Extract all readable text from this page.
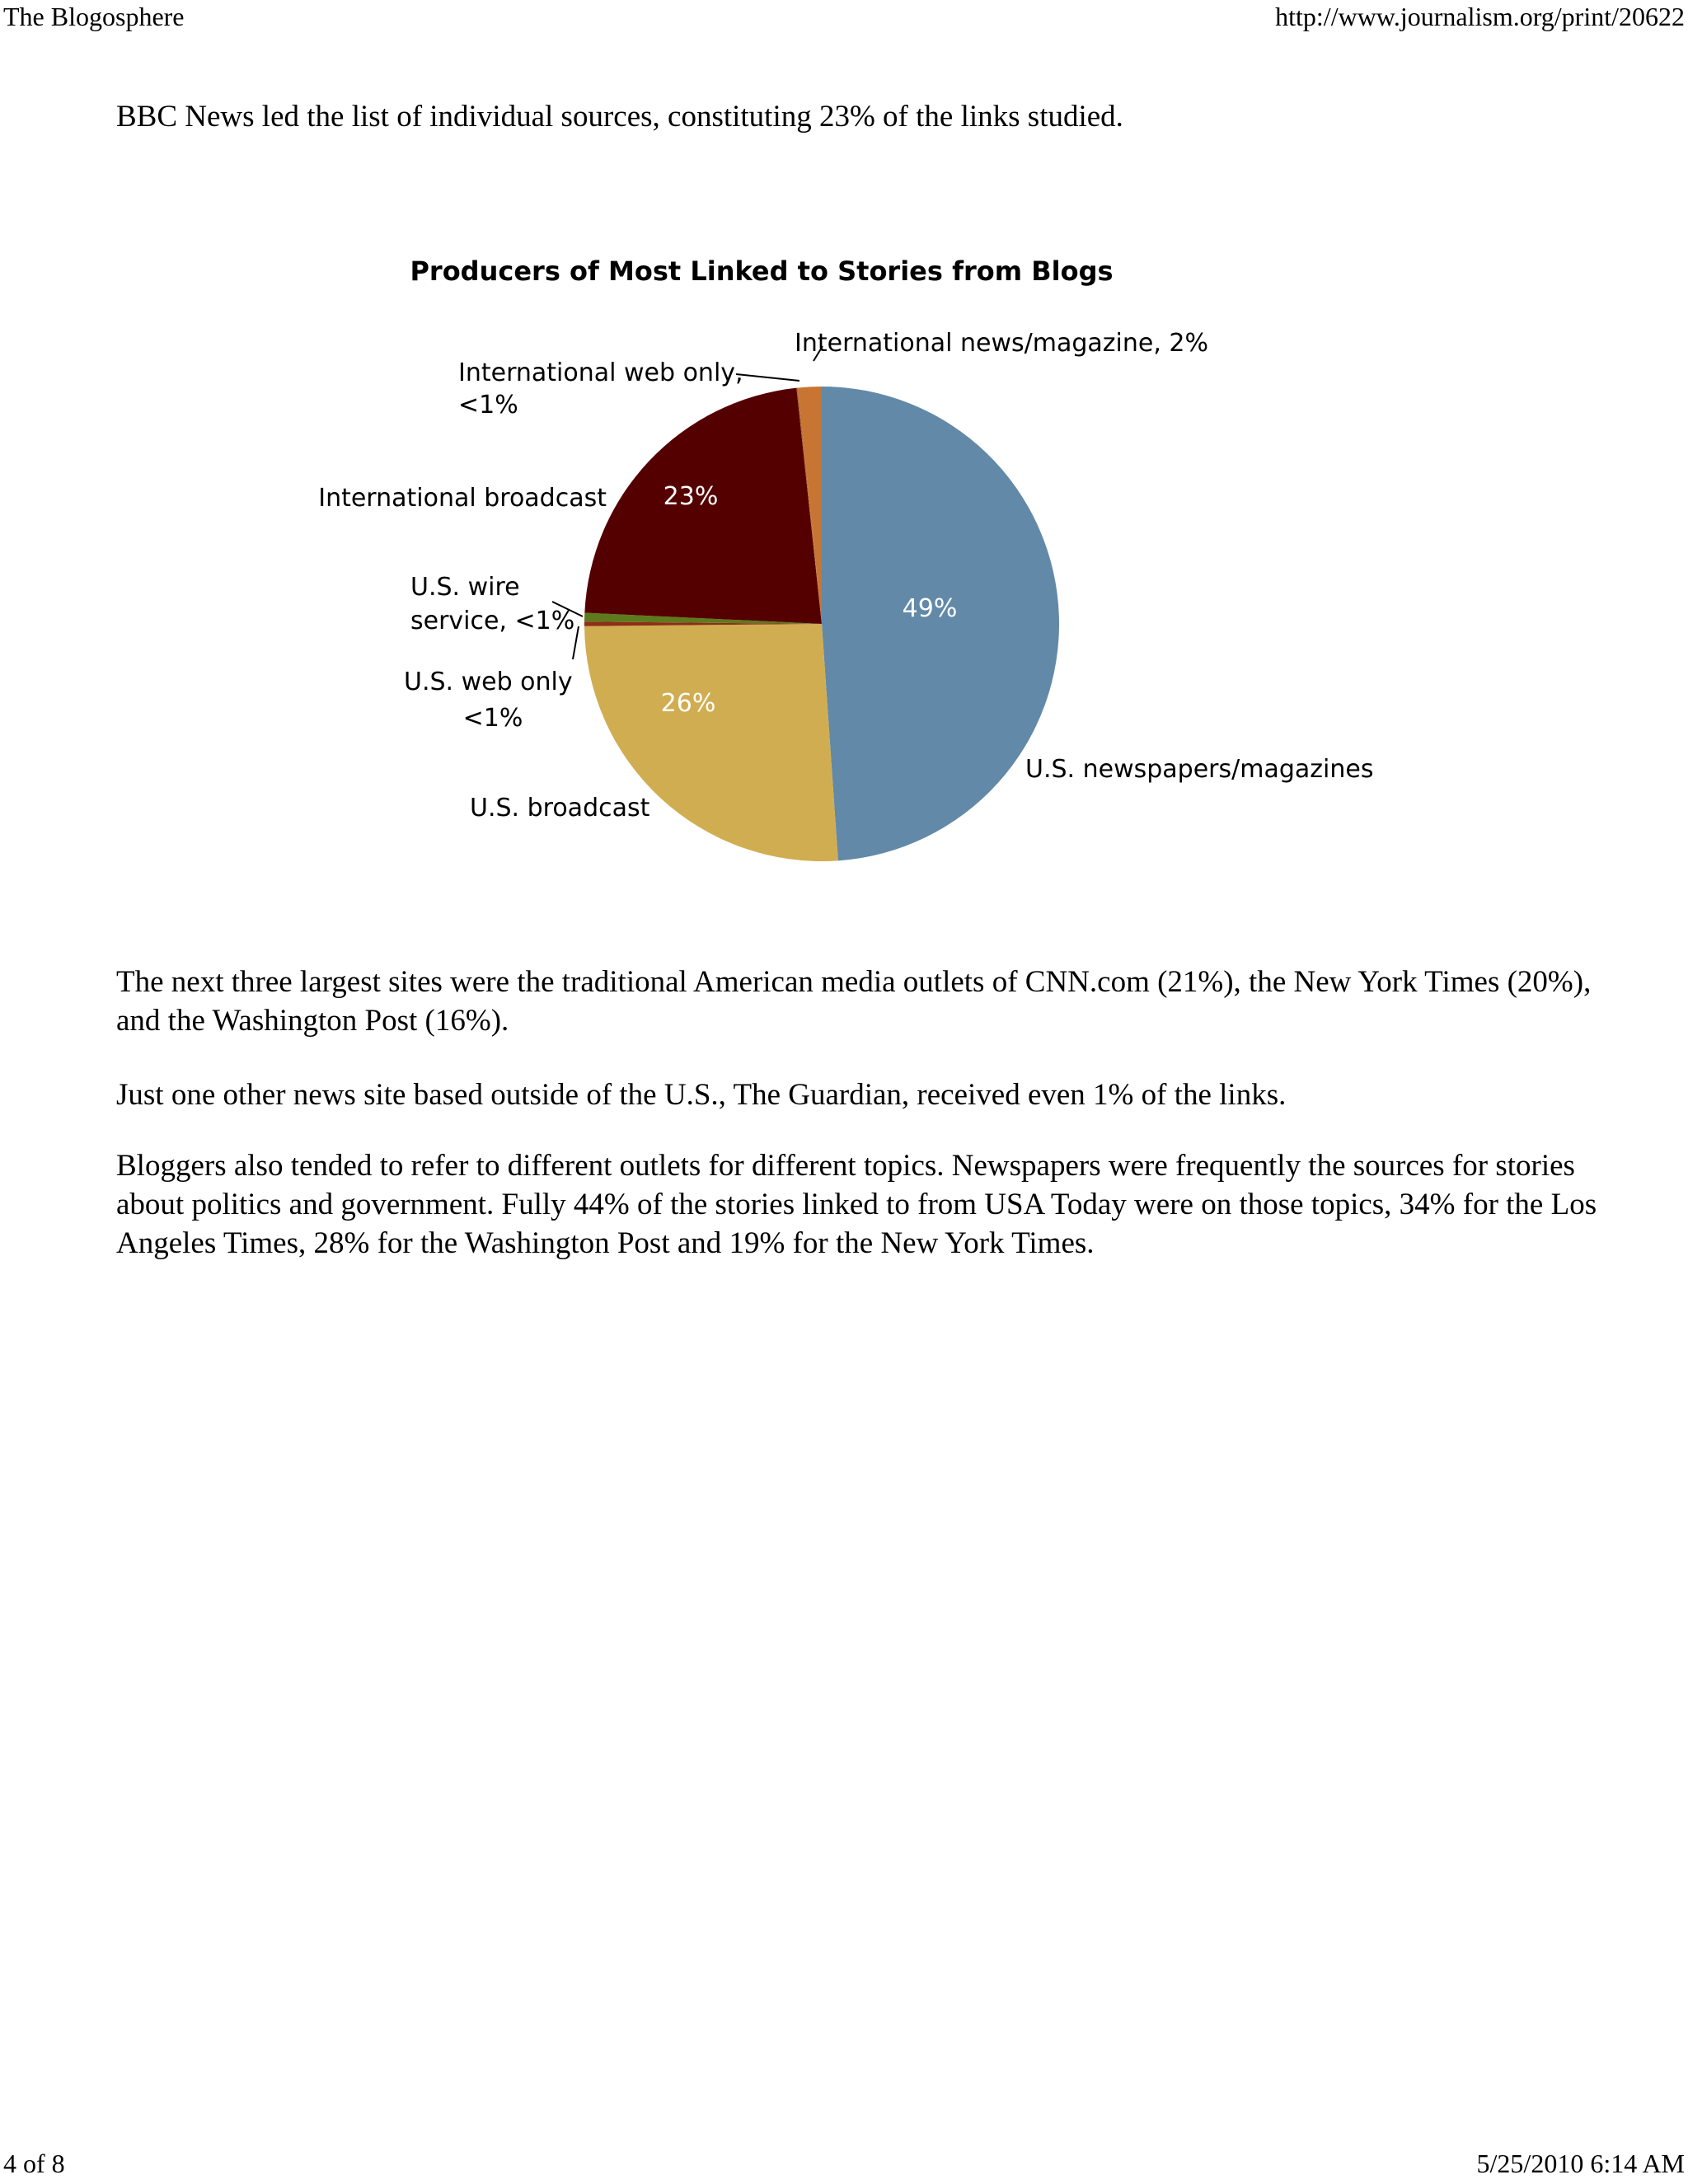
The Blogosphere	http://www.journalism.org/print/20622

BBC News led the list of individual sources, constituting 23% of the links studied.

Producers of Most Linked to Stories from Blogs
49%
26%
23%
U.S. newspapers/magazines
U.S. broadcast
U.S. web only
<1%
U.S. wire
service, <1%
International broadcast
International web only,
<1%
International news/magazine, 2%

The next three largest sites were the traditional American media outlets of CNN.com (21%), the New York Times (20%), and the Washington Post (16%).

Just one other news site based outside of the U.S., The Guardian, received even 1% of the links.

Bloggers also tended to refer to different outlets for different topics. Newspapers were frequently the sources for stories about politics and government. Fully 44% of the stories linked to from USA Today were on those topics, 34% for the Los Angeles Times, 28% for the Washington Post and 19% for the New York Times.

4 of 8	5/25/2010 6:14 AM
